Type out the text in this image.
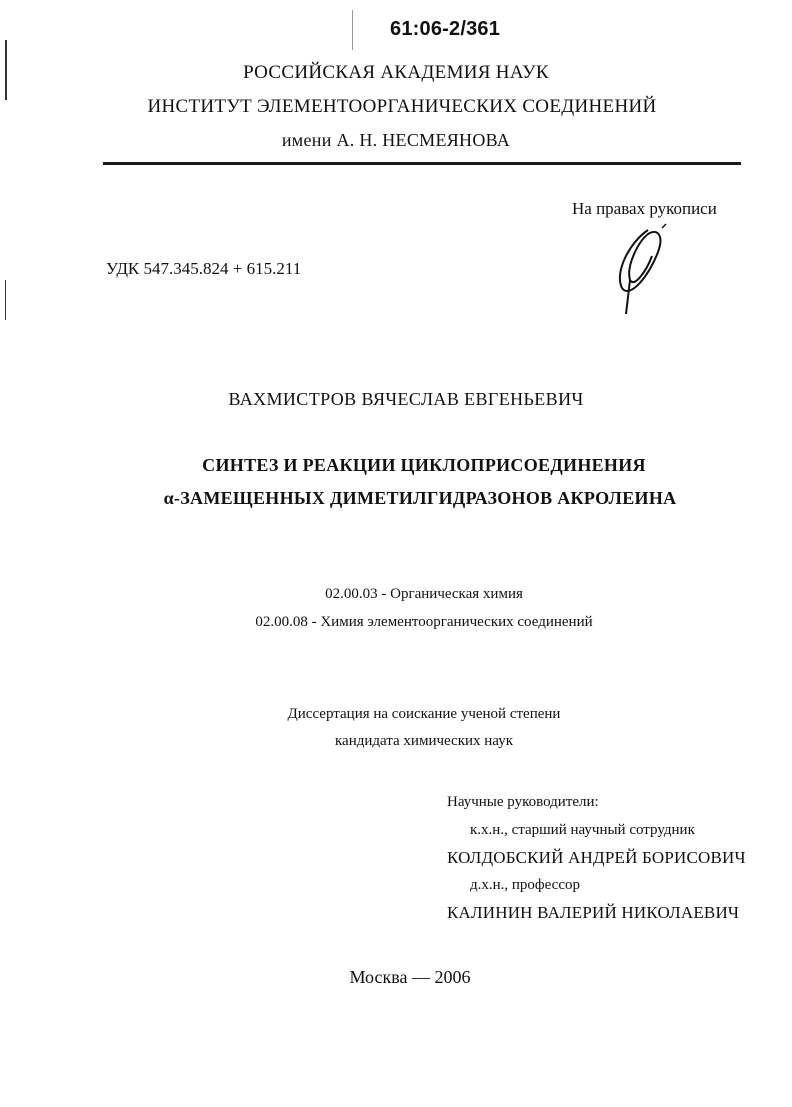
61:06-2/361
РОССИЙСКАЯ АКАДЕМИЯ НАУК
ИНСТИТУТ ЭЛЕМЕНТООРГАНИЧЕСКИХ СОЕДИНЕНИЙ
имени А. Н. НЕСМЕЯНОВА
На правах рукописи
УДК 547.345.824 + 615.211
ВАХМИСТРОВ ВЯЧЕСЛАВ ЕВГЕНЬЕВИЧ
СИНТЕЗ И РЕАКЦИИ ЦИКЛОПРИСОЕДИНЕНИЯ
α-ЗАМЕЩЕННЫХ ДИМЕТИЛГИДРАЗОНОВ АКРОЛЕИНА
02.00.03 - Органическая химия
02.00.08 - Химия элементоорганических соединений
Диссертация на соискание ученой степени
кандидата химических наук
Научные руководители:
к.х.н., старший научный сотрудник
КОЛДОБСКИЙ АНДРЕЙ БОРИСОВИЧ
д.х.н., профессор
КАЛИНИН ВАЛЕРИЙ НИКОЛАЕВИЧ
Москва — 2006
